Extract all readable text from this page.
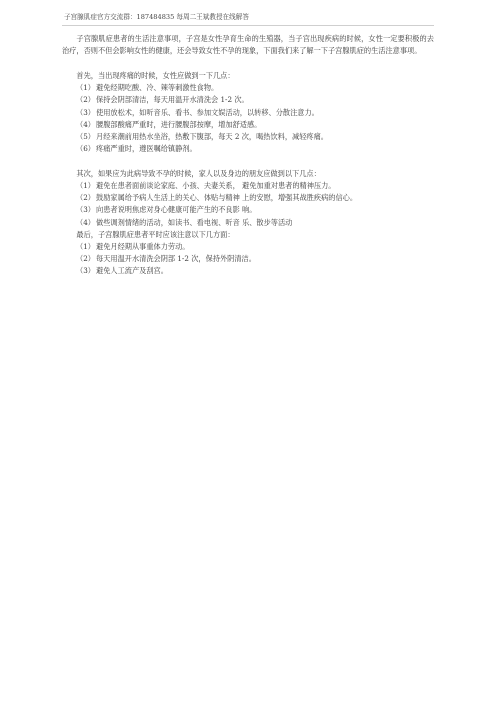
子宫腺肌症官方交流群：187484835 每周二王斌教授在线解答

子宫腺肌症患者的生活注意事项，子宫是女性孕育生命的生殖器，当子宫出现疾病的时候，女性一定要积极的去治疗，否则不但会影响女性的健康，还会导致女性不孕的现象，下面我们来了解一下子宫腺肌症的生活注意事项。

首先，当出现疼痛的时候，女性应做到一下几点：

（1）避免经期吃酸、冷、辣等刺激性食物。

（2）保持会阴部清洁，每天用温开水清洗会 1-2 次。

（3）使用放松术，如听音乐、看书、参加文娱活动，以转移、分散注意力。

（4）腰腹部酸痛严重时，进行腰腹部按摩，增加舒适感。

（5）月经来潮前用热水坐浴，热敷下腹部，每天 2 次，喝热饮料，减轻疼痛。

（6）疼痛严重时，遵医嘱给镇静剂。

其次，如果应为此病导致不孕的时候，家人以及身边的朋友应做到以下几点：

（1）避免在患者面前谈论家庭、小孩、夫妻关系， 避免加重对患者的精神压力。

（2）鼓励家属给予病人生活上的关心、体贴与精神 上的安慰，增强其战胜疾病的信心。

（3）向患者说明焦虑对身心健康可能产生的不良影 响。

（4）做些调剂情绪的活动，如读书、看电视、听音 乐、散步等活动

最后，子宫腺肌症患者平时应该注意以下几方面：

（1）避免月经期从事重体力劳动。

（2）每天用温开水清洗会阴部 1-2 次，保持外阴清洁。

（3）避免人工流产及刮宫。
